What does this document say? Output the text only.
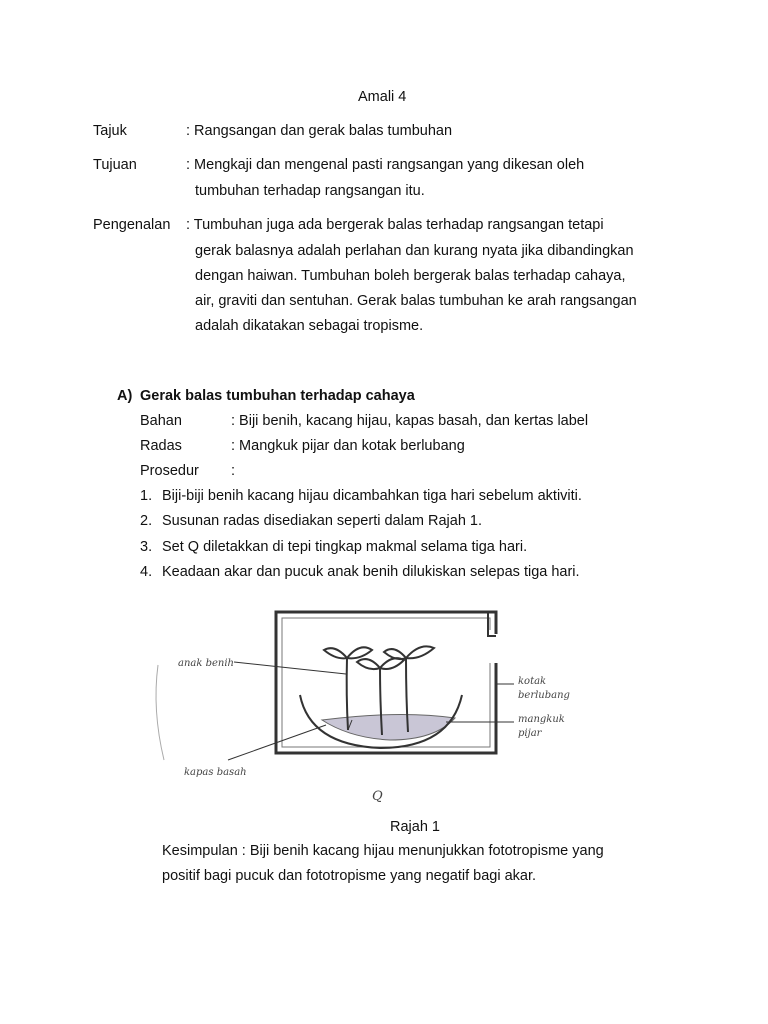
Amali 4
Tajuk	: Rangsangan dan gerak balas tumbuhan
Tujuan	: Mengkaji dan mengenal pasti rangsangan yang dikesan oleh
tumbuhan terhadap rangsangan itu.
Pengenalan : Tumbuhan juga ada bergerak balas terhadap rangsangan tetapi
gerak balasnya adalah perlahan dan kurang nyata jika dibandingkan
dengan haiwan. Tumbuhan boleh bergerak balas terhadap cahaya,
air, graviti dan sentuhan. Gerak balas tumbuhan ke arah rangsangan
adalah dikatakan sebagai tropisme.
A) Gerak balas tumbuhan terhadap cahaya
Bahan	: Biji benih, kacang hijau, kapas basah, dan kertas label
Radas	: Mangkuk pijar dan kotak berlubang
Prosedur :
1. Biji-biji benih kacang hijau dicambahkan tiga hari sebelum aktiviti.
2. Susunan radas disediakan seperti dalam Rajah 1.
3. Set Q diletakkan di tepi tingkap makmal selama tiga hari.
4. Keadaan akar dan pucuk anak benih dilukiskan selepas tiga hari.
anak benih
kapas basah
kotak
berlubang
mangkuk
pijar
Q
Rajah 1
Kesimpulan : Biji benih kacang hijau menunjukkan fototropisme yang
positif bagi pucuk dan fototropisme yang negatif bagi akar.
